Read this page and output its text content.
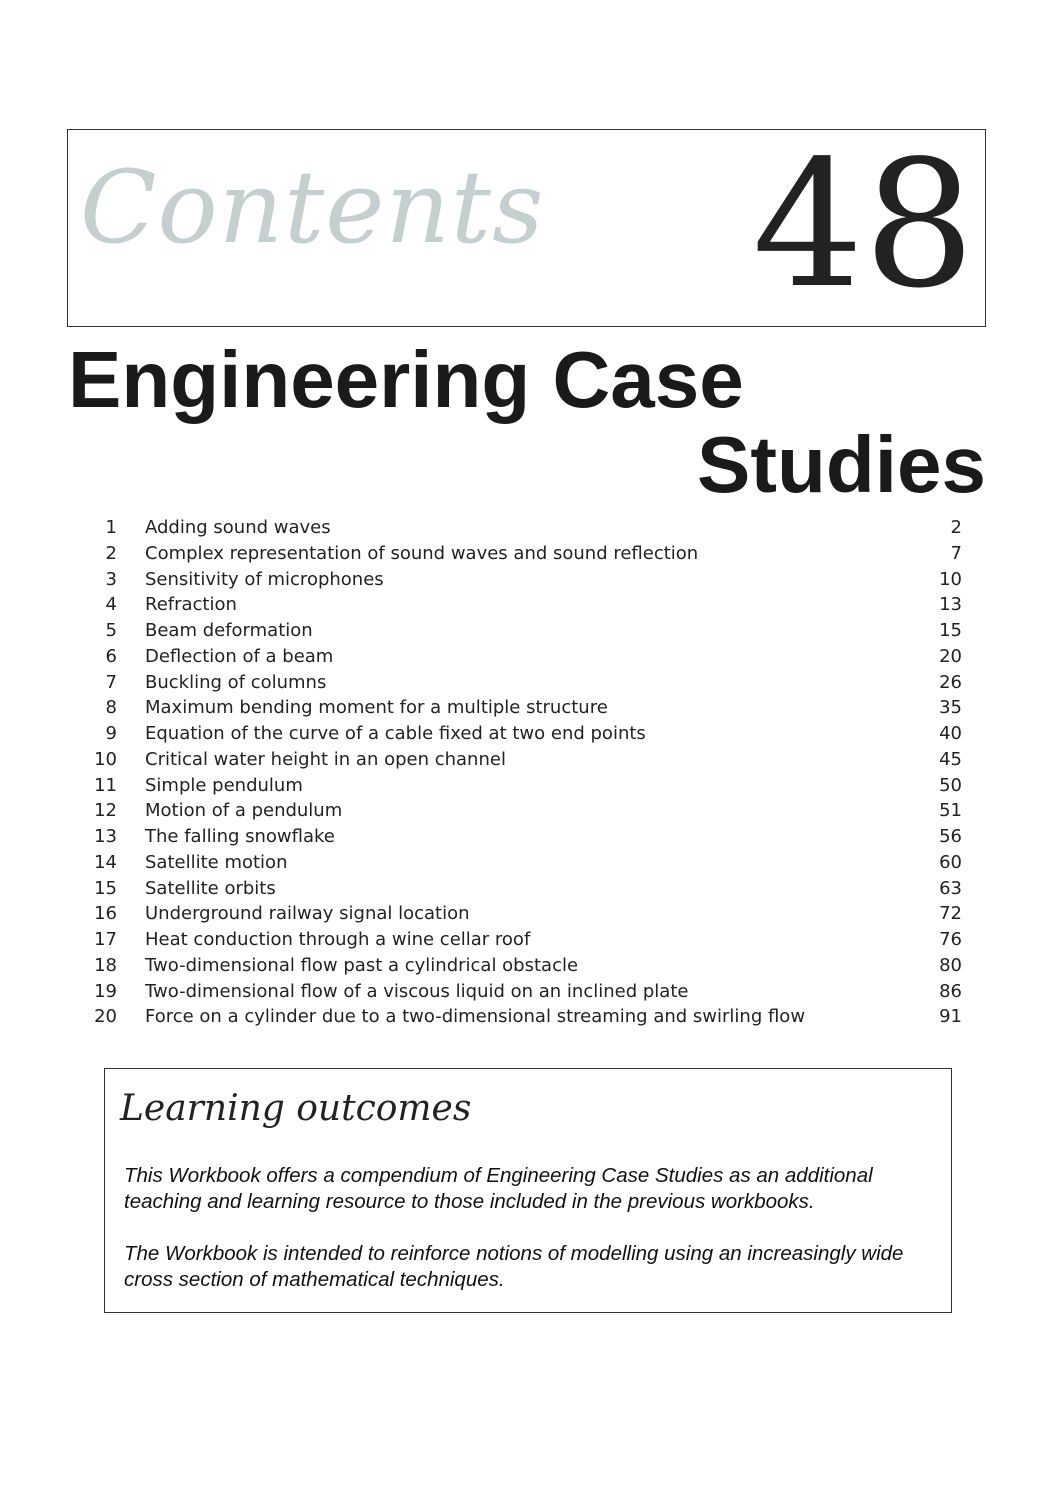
Contents 48
Engineering Case
Studies
1 Adding sound waves	2
2 Complex representation of sound waves and sound reflection	7
3 Sensitivity of microphones	10
4 Refraction	13
5 Beam deformation	15
6 Deflection of a beam	20
7 Buckling of columns	26
8 Maximum bending moment for a multiple structure	35
9 Equation of the curve of a cable fixed at two end points	40
10 Critical water height in an open channel	45
11 Simple pendulum	50
12 Motion of a pendulum	51
13 The falling snowflake	56
14 Satellite motion	60
15 Satellite orbits	63
16 Underground railway signal location	72
17 Heat conduction through a wine cellar roof	76
18 Two-dimensional flow past a cylindrical obstacle	80
19 Two-dimensional flow of a viscous liquid on an inclined plate	86
20 Force on a cylinder due to a two-dimensional streaming and swirling flow	91
Learning outcomes

This Workbook offers a compendium of Engineering Case Studies as an additional teaching and learning resource to those included in the previous workbooks.

The Workbook is intended to reinforce notions of modelling using an increasingly wide cross section of mathematical techniques.
